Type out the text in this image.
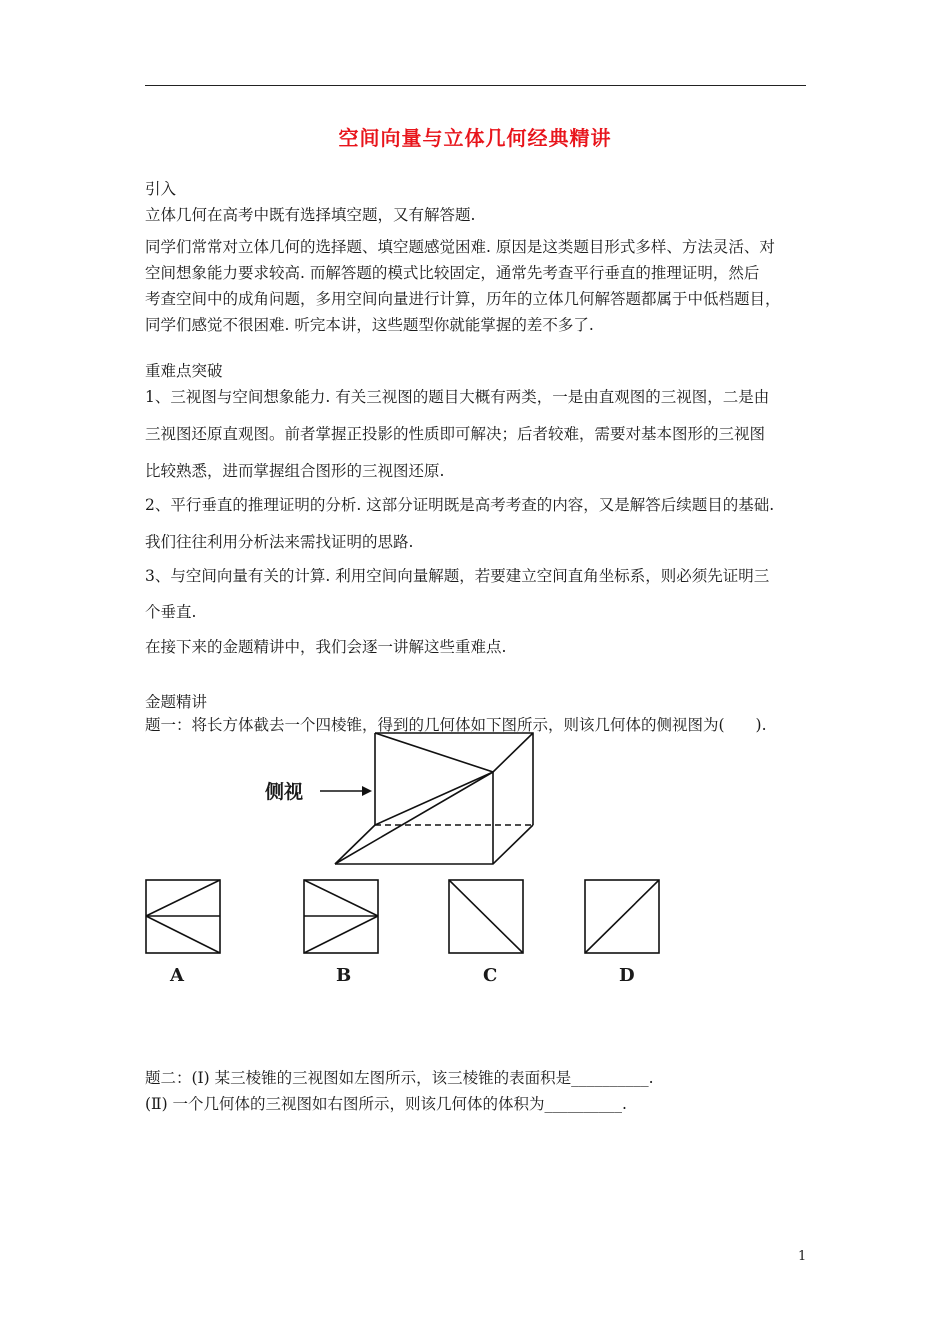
空间向量与立体几何经典精讲
引入
立体几何在高考中既有选择填空题，又有解答题.
同学们常常对立体几何的选择题、填空题感觉困难. 原因是这类题目形式多样、方法灵活、对
空间想象能力要求较高. 而解答题的模式比较固定，通常先考查平行垂直的推理证明，然后
考查空间中的成角问题，多用空间向量进行计算，历年的立体几何解答题都属于中低档题目，
同学们感觉不很困难. 听完本讲，这些题型你就能掌握的差不多了.
重难点突破
1、三视图与空间想象能力. 有关三视图的题目大概有两类，一是由直观图的三视图，二是由
三视图还原直观图。前者掌握正投影的性质即可解决；后者较难，需要对基本图形的三视图
比较熟悉，进而掌握组合图形的三视图还原.
2、平行垂直的推理证明的分析. 这部分证明既是高考考查的内容，又是解答后续题目的基础.
我们往往利用分析法来需找证明的思路.
3、与空间向量有关的计算. 利用空间向量解题，若要建立空间直角坐标系，则必须先证明三
个垂直.
在接下来的金题精讲中，我们会逐一讲解这些重难点.
金题精讲
题一：将长方体截去一个四棱锥，得到的几何体如下图所示，则该几何体的侧视图为(　　).
侧视
A	B	C	D
题二：(Ⅰ) 某三棱锥的三视图如左图所示，该三棱锥的表面积是__________.
(Ⅱ) 一个几何体的三视图如右图所示，则该几何体的体积为__________.
1
